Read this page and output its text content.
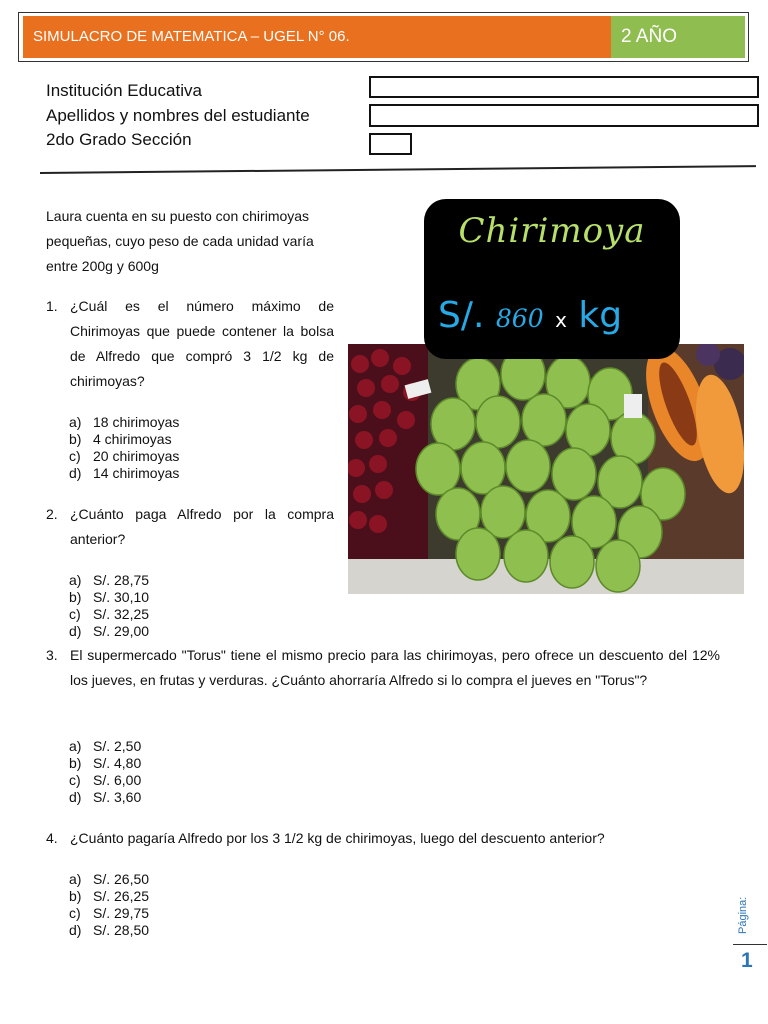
SIMULACRO DE MATEMATICA – UGEL N° 06.	2 AÑO
Institución Educativa
Apellidos y nombres del estudiante
2do Grado Sección
Laura cuenta en su puesto con chirimoyas pequeñas, cuyo peso de cada unidad varía entre 200g y 600g
1. ¿Cuál es el número máximo de Chirimoyas que puede contener la bolsa de Alfredo que compró 3 1/2 kg de chirimoyas?
a) 18 chirimoyas
b) 4 chirimoyas
c) 20 chirimoyas
d) 14 chirimoyas
2. ¿Cuánto paga Alfredo por la compra anterior?
a) S/. 28,75
b) S/. 30,10
c) S/. 32,25
d) S/. 29,00
3. El supermercado "Torus" tiene el mismo precio para las chirimoyas, pero ofrece un descuento del 12% los jueves, en frutas y verduras. ¿Cuánto ahorraría Alfredo si lo compra el jueves en "Torus"?
a) S/. 2,50
b) S/. 4,80
c) S/. 6,00
d) S/. 3,60
4. ¿Cuánto pagaría Alfredo por los 3 1/2 kg de chirimoyas, luego del descuento anterior?
a) S/. 26,50
b) S/. 26,25
c) S/. 29,75
d) S/. 28,50
Chirimoya
S/. 860 x kg
Página:
1
